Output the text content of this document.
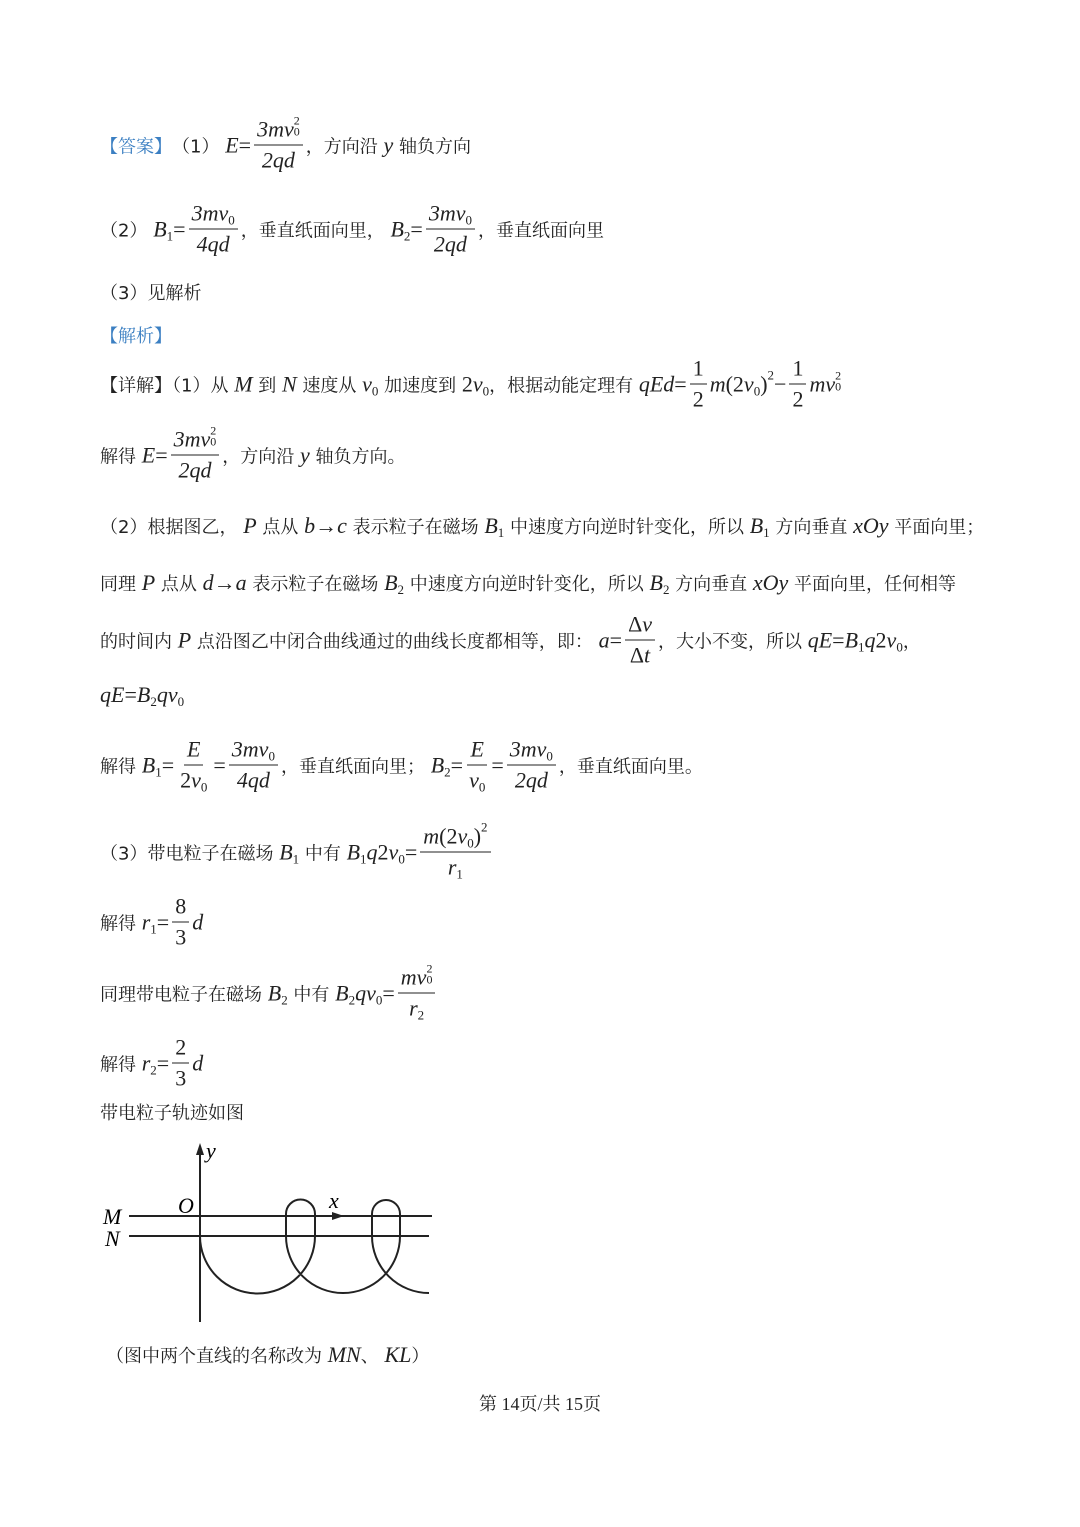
【答案】 （1） E = 3mv 2
0
2qd ，方向沿 y 轴负方向
（2） B $1 = \frac{3mv 0}{4qd}$ ，垂直纸面向里， B $2 = \frac{3mv 0}{2qd}$ ，垂直纸面向里
（3）见解析
【解析】
【详解】（1）从 M 到 N 速度从 v 0 加速度到 2 v 0 ，根据动能定理有 qEd = $\frac{1}{2}$ m (2 v 0 ) $2 - \frac{1}{2}$ mv 2
0
解得 E = 3mv 2
0
2qd ，方向沿 y 轴负方向。
（2）根据图乙， P 点从 b → c 表示粒子在磁场 B 1 中速度方向逆时针变化，所以 B 1 方向垂直 xOy 平面向里；
同理 P 点从 d → a 表示粒子在磁场 B 2 中速度方向逆时针变化，所以 B 2 方向垂直 xOy 平面向里，任何相等
的时间内 P 点沿图乙中闭合曲线通过的曲线长度都相等，即： $a = \frac{\text{Δ v}}{\text{Δ t}}$ ，大小不变，所以 qE = B 1 q 2 v 0 ，
qE = B 2 qv 0
解得 B $1 = \frac{E}{2 v 0} = \frac{3mv 0}{4qd}$ ，垂直纸面向里； B $2 = \frac{E}{v 0} = \frac{3mv 0}{2qd}$ ，垂直纸面向里。
（3）带电粒子在磁场 B 1 中有 B 1 q 2 v $0 = \frac{m (2 v 0 ) 2}{r 1}$
解得 r $1 = \frac{8}{3}$ d
同理带电粒子在磁场 B 2 中有 B 2 qv 0 = mv 2
0
r 2
解得 r $2 = \frac{2}{3}$ d
带电粒子轨迹如图
（图中两个直线的名称改为 MN 、 KL ）
y
x
O
M
N
第 14页/共 15页
